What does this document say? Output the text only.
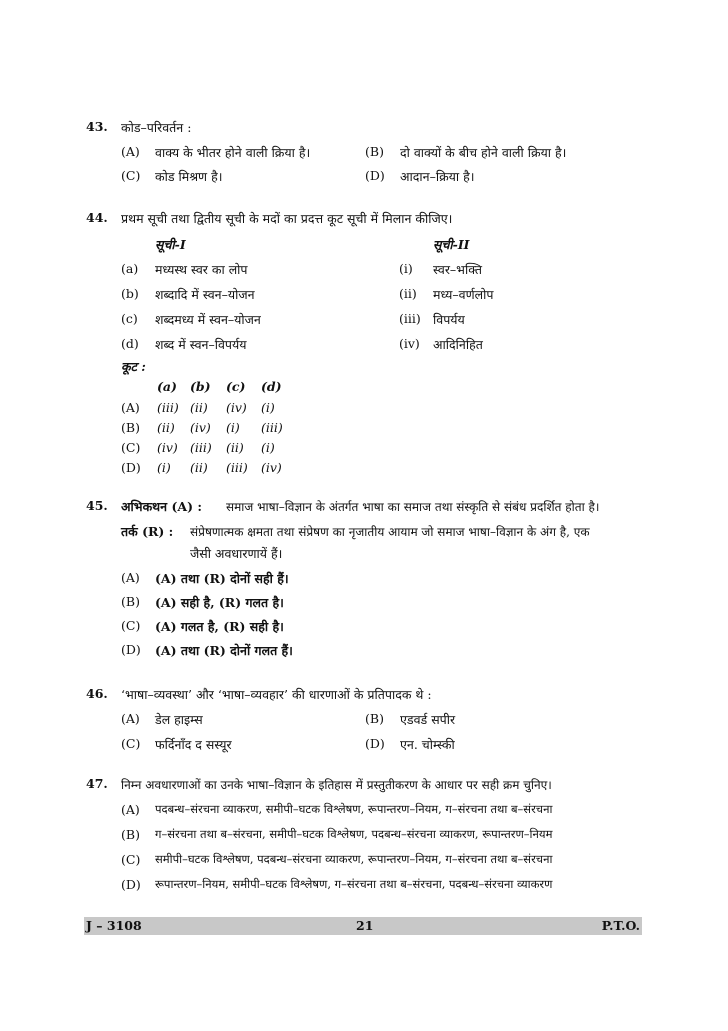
43. कोड–परिवर्तन :
(A) वाक्य के भीतर होने वाली क्रिया है।	(B) दो वाक्यों के बीच होने वाली क्रिया है।
(C) कोड मिश्रण है।	(D) आदान–क्रिया है।
44. प्रथम सूची तथा द्वितीय सूची के मदों का प्रदत्त कूट सूची में मिलान कीजिए।
सूची-I	सूची-II
(a) मध्यस्थ स्वर का लोप	(i) स्वर–भक्ति
(b) शब्दादि में स्वन–योजन	(ii) मध्य–वर्णलोप
(c) शब्दमध्य में स्वन–योजन	(iii) विपर्यय
(d) शब्द में स्वन–विपर्यय	(iv) आदिनिहित
कूट :
(a) (b) (c) (d)
(A) (iii) (ii) (iv) (i)
(B) (ii) (iv) (i) (iii)
(C) (iv) (iii) (ii) (i)
(D) (i) (ii) (iii) (iv)
45. अभिकथन (A) : समाज भाषा–विज्ञान के अंतर्गत भाषा का समाज तथा संस्कृति से संबंध प्रदर्शित होता है।
तर्क (R) : संप्रेषणात्मक क्षमता तथा संप्रेषण का नृजातीय आयाम जो समाज भाषा–विज्ञान के अंग है, एक
जैसी अवधारणायें हैं।
(A) (A) तथा (R) दोनों सही हैं।
(B) (A) सही है, (R) गलत है।
(C) (A) गलत है, (R) सही है।
(D) (A) तथा (R) दोनों गलत हैं।
46. ‘भाषा–व्यवस्था’ और ‘भाषा–व्यवहार’ की धारणाओं के प्रतिपादक थे :
(A) डेल हाइम्स	(B) एडवर्ड सपीर
(C) फर्दिनाँद द सस्यूर	(D) एन. चोम्स्की
47. निम्न अवधारणाओं का उनके भाषा–विज्ञान के इतिहास में प्रस्तुतीकरण के आधार पर सही क्रम चुनिए।
(A) पदबन्ध–संरचना व्याकरण, समीपी–घटक विश्लेषण, रूपान्तरण–नियम, ग–संरचना तथा ब–संरचना
(B) ग–संरचना तथा ब–संरचना, समीपी–घटक विश्लेषण, पदबन्ध–संरचना व्याकरण, रूपान्तरण–नियम
(C) समीपी–घटक विश्लेषण, पदबन्ध–संरचना व्याकरण, रूपान्तरण–नियम, ग–संरचना तथा ब–संरचना
(D) रूपान्तरण–नियम, समीपी–घटक विश्लेषण, ग–संरचना तथा ब–संरचना, पदबन्ध–संरचना व्याकरण
J – 3108	21	P.T.O.
